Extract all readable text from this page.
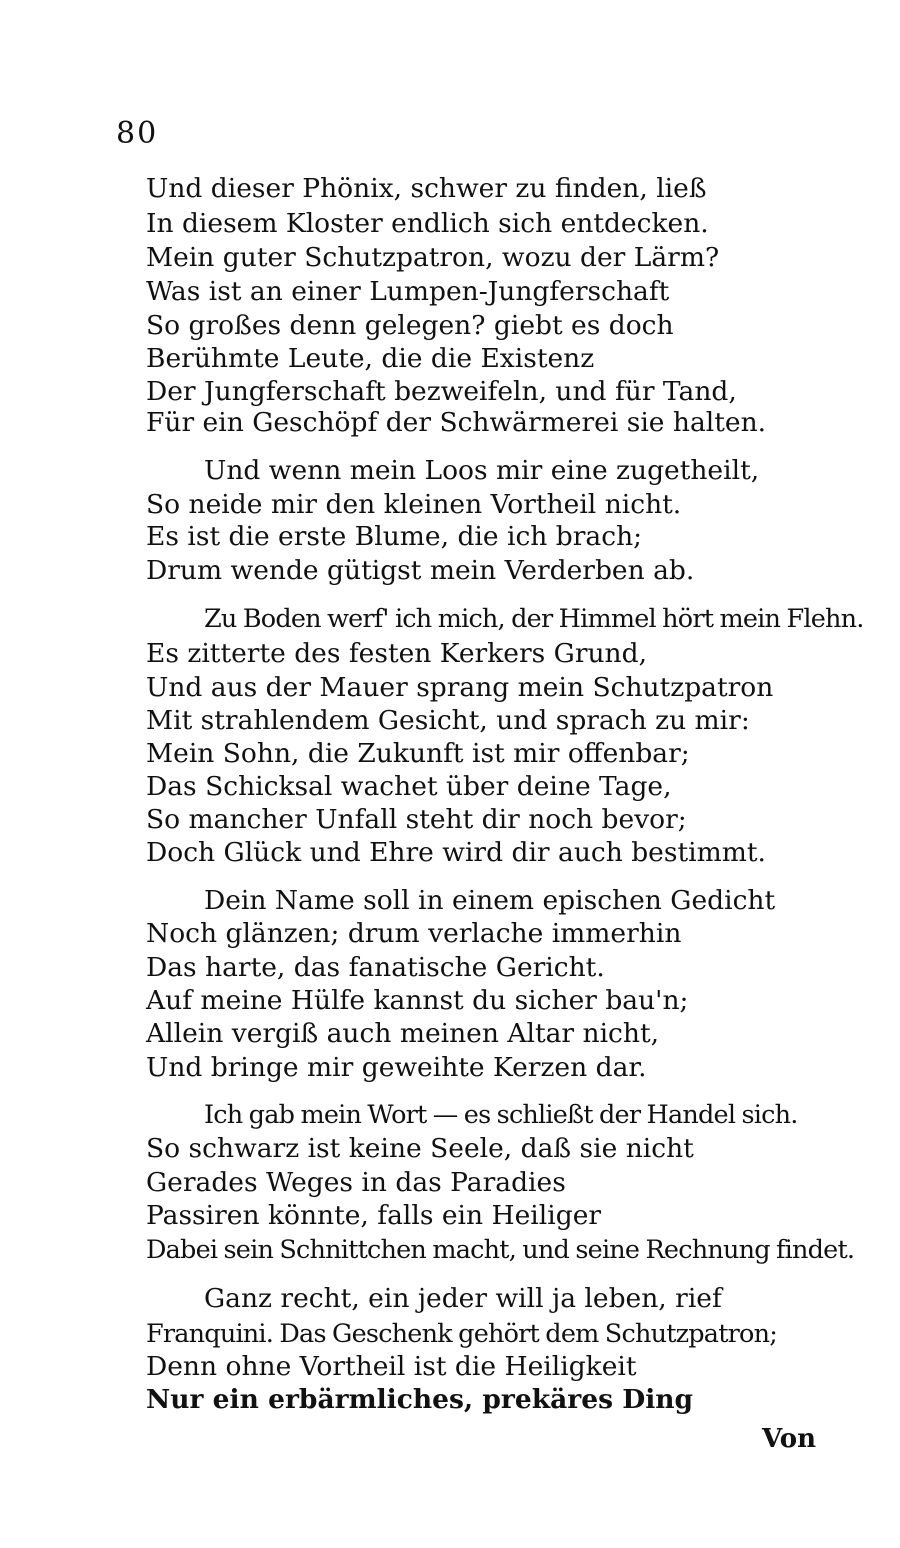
80

Und dieser Phönix, schwer zu finden, ließ

In diesem Kloster endlich sich entdecken.

Mein guter Schutzpatron, wozu der Lärm?

Was ist an einer Lumpen-Jungferschaft

So großes denn gelegen? giebt es doch

Berühmte Leute, die die Existenz

Der Jungferschaft bezweifeln, und für Tand,

Für ein Geschöpf der Schwärmerei sie halten.

Und wenn mein Loos mir eine zugetheilt,

So neide mir den kleinen Vortheil nicht.

Es ist die erste Blume, die ich brach;

Drum wende gütigst mein Verderben ab.

Zu Boden werf' ich mich, der Himmel hört mein Flehn.

Es zitterte des festen Kerkers Grund,

Und aus der Mauer sprang mein Schutzpatron

Mit strahlendem Gesicht, und sprach zu mir:

Mein Sohn, die Zukunft ist mir offenbar;

Das Schicksal wachet über deine Tage,

So mancher Unfall steht dir noch bevor;

Doch Glück und Ehre wird dir auch bestimmt.

Dein Name soll in einem epischen Gedicht

Noch glänzen; drum verlache immerhin

Das harte, das fanatische Gericht.

Auf meine Hülfe kannst du sicher bau'n;

Allein vergiß auch meinen Altar nicht,

Und bringe mir geweihte Kerzen dar.

Ich gab mein Wort — es schließt der Handel sich.

So schwarz ist keine Seele, daß sie nicht

Gerades Weges in das Paradies

Passiren könnte, falls ein Heiliger

Dabei sein Schnittchen macht, und seine Rechnung findet.

Ganz recht, ein jeder will ja leben, rief

Franquini. Das Geschenk gehört dem Schutzpatron;

Denn ohne Vortheil ist die Heiligkeit

Nur ein erbärmliches, prekäres Ding

Von
